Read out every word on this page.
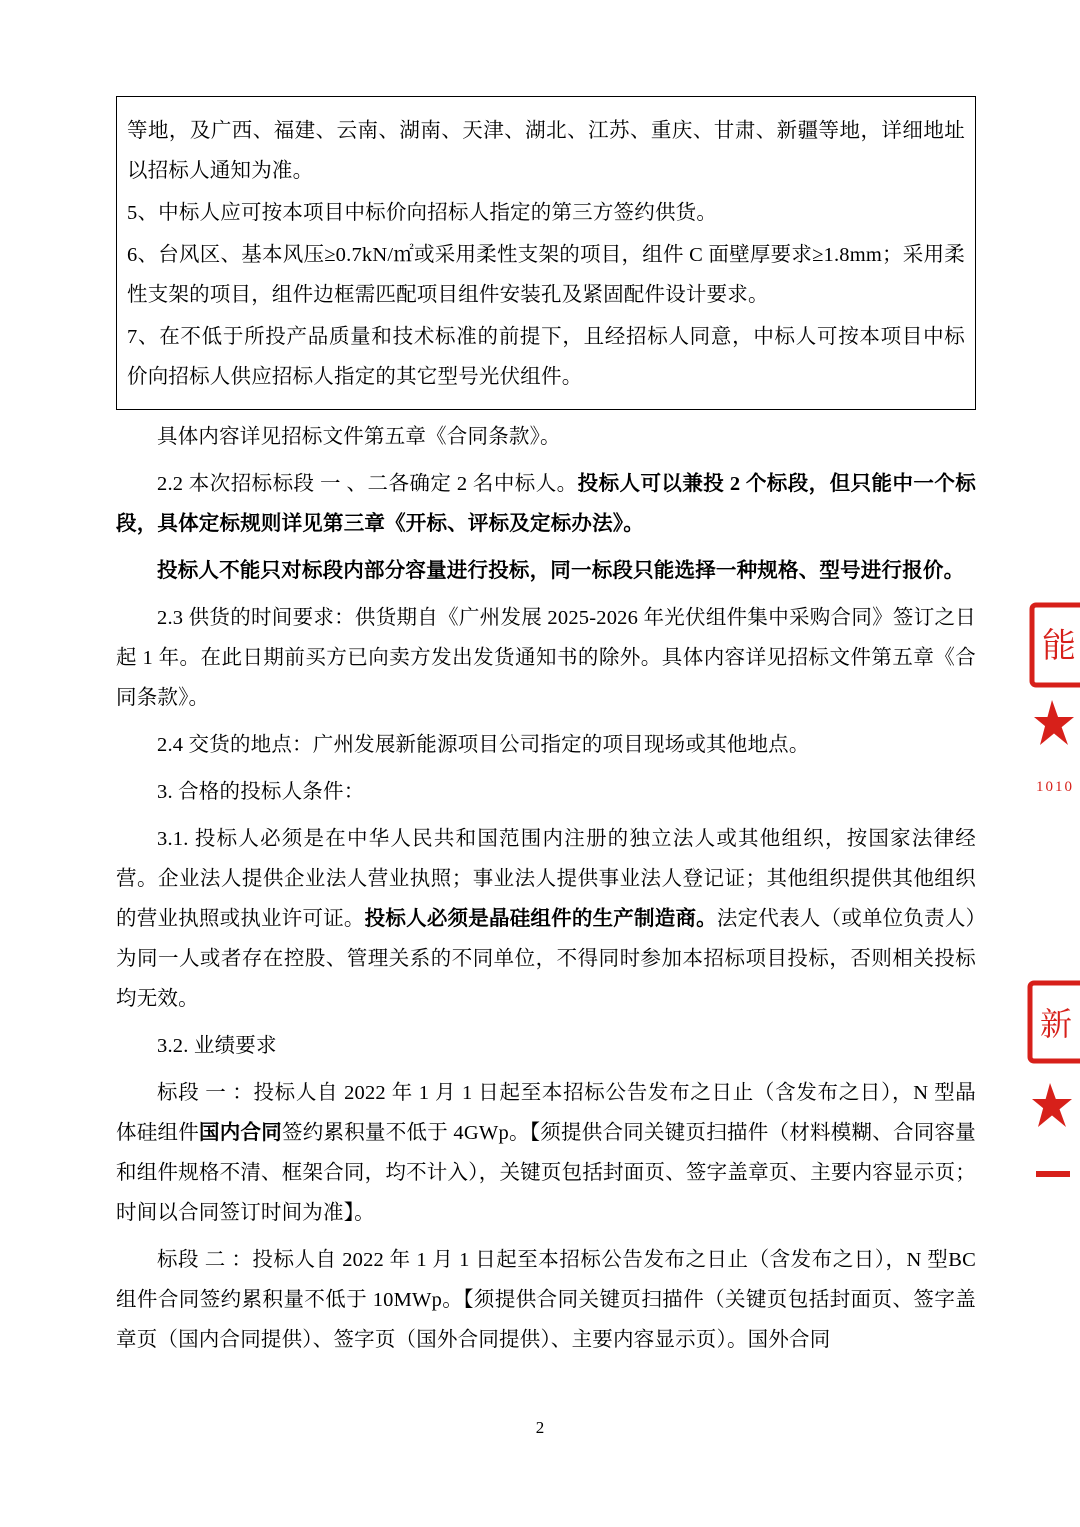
等地，及广西、福建、云南、湖南、天津、湖北、江苏、重庆、甘肃、新疆等地，详细地址以招标人通知为准。

5、中标人应可按本项目中标价向招标人指定的第三方签约供货。

6、台风区、基本风压≥0.7kN/㎡或采用柔性支架的项目，组件 C 面壁厚要求≥1.8mm；采用柔性支架的项目，组件边框需匹配项目组件安装孔及紧固配件设计要求。

7、在不低于所投产品质量和技术标准的前提下，且经招标人同意，中标人可按本项目中标价向招标人供应招标人指定的其它型号光伏组件。

具体内容详见招标文件第五章《合同条款》。

2.2 本次招标标段 一 、二各确定 2 名中标人。投标人可以兼投 2 个标段，但只能中一个标段，具体定标规则详见第三章《开标、评标及定标办法》。

投标人不能只对标段内部分容量进行投标，同一标段只能选择一种规格、型号进行报价。

2.3 供货的时间要求：供货期自《广州发展 2025-2026 年光伏组件集中采购合同》签订之日起 1 年。在此日期前买方已向卖方发出发货通知书的除外。具体内容详见招标文件第五章《合同条款》。

2.4 交货的地点：广州发展新能源项目公司指定的项目现场或其他地点。

3. 合格的投标人条件：

3.1. 投标人必须是在中华人民共和国范围内注册的独立法人或其他组织，按国家法律经营。企业法人提供企业法人营业执照；事业法人提供事业法人登记证；其他组织提供其他组织的营业执照或执业许可证。投标人必须是晶硅组件的生产制造商。法定代表人（或单位负责人）为同一人或者存在控股、管理关系的不同单位，不得同时参加本招标项目投标，否则相关投标均无效。

3.2. 业绩要求

标段 一 ：投标人自 2022 年 1 月 1 日起至本招标公告发布之日止（含发布之日），N 型晶体硅组件国内合同签约累积量不低于 4GWp。【须提供合同关键页扫描件（材料模糊、合同容量和组件规格不清、框架合同，均不计入），关键页包括封面页、签字盖章页、主要内容显示页；时间以合同签订时间为准】。

标段 二 ：投标人自 2022 年 1 月 1 日起至本招标公告发布之日止（含发布之日），N 型BC 组件合同签约累积量不低于 10MWp。【须提供合同关键页扫描件（关键页包括封面页、签字盖章页（国内合同提供）、签字页（国外合同提供）、主要内容显示页）。国外合同

2
能
1010
新
